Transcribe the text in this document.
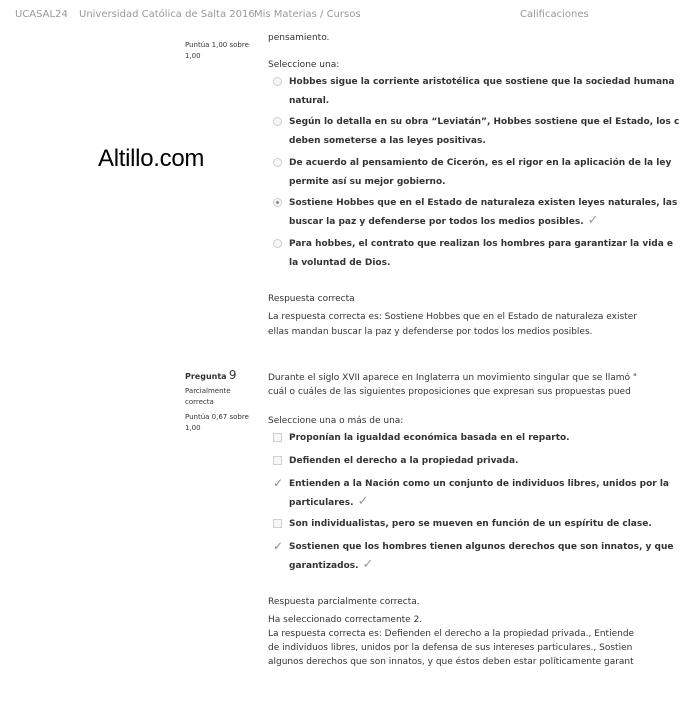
UCASAL24 Universidad Católica de Salta 2016 Mis Materias / Cursos	Calificaciones
Altillo.com
Puntúa 1,00 sobre 1,00
Pregunta 9
Parcialmente correcta
Puntúa 0,67 sobre 1,00
pensamiento.
Seleccione una:
Hobbes sigue la corriente aristotélica que sostiene que la sociedad humana
natural.
Según lo detalla en su obra “Leviatán”, Hobbes sostiene que el Estado, los c
deben someterse a las leyes positivas.
De acuerdo al pensamiento de Cicerón, es el rigor en la aplicación de la ley
permite así su mejor gobierno.
Sostiene Hobbes que en el Estado de naturaleza existen leyes naturales, las
buscar la paz y defenderse por todos los medios posibles. ✓
Para hobbes, el contrato que realizan los hombres para garantizar la vida e
la voluntad de Dios.
Respuesta correcta
La respuesta correcta es: Sostiene Hobbes que en el Estado de naturaleza exister
ellas mandan buscar la paz y defenderse por todos los medios posibles.
Durante el siglo XVII aparece en Inglaterra un movimiento singular que se llamó "
cuál o cuáles de las siguientes proposiciones que expresan sus propuestas pued
Seleccione una o más de una:
Proponían la igualdad económica basada en el reparto.
Defienden el derecho a la propiedad privada.
✓ Entienden a la Nación como un conjunto de individuos libres, unidos por la
particulares. ✓
Son individualistas, pero se mueven en función de un espíritu de clase.
✓ Sostienen que los hombres tienen algunos derechos que son innatos, y que
garantizados. ✓
Respuesta parcialmente correcta.
Ha seleccionado correctamente 2.
La respuesta correcta es: Defienden el derecho a la propiedad privada., Entiende
de individuos libres, unidos por la defensa de sus intereses particulares., Sostien
algunos derechos que son innatos, y que éstos deben estar políticamente garant
